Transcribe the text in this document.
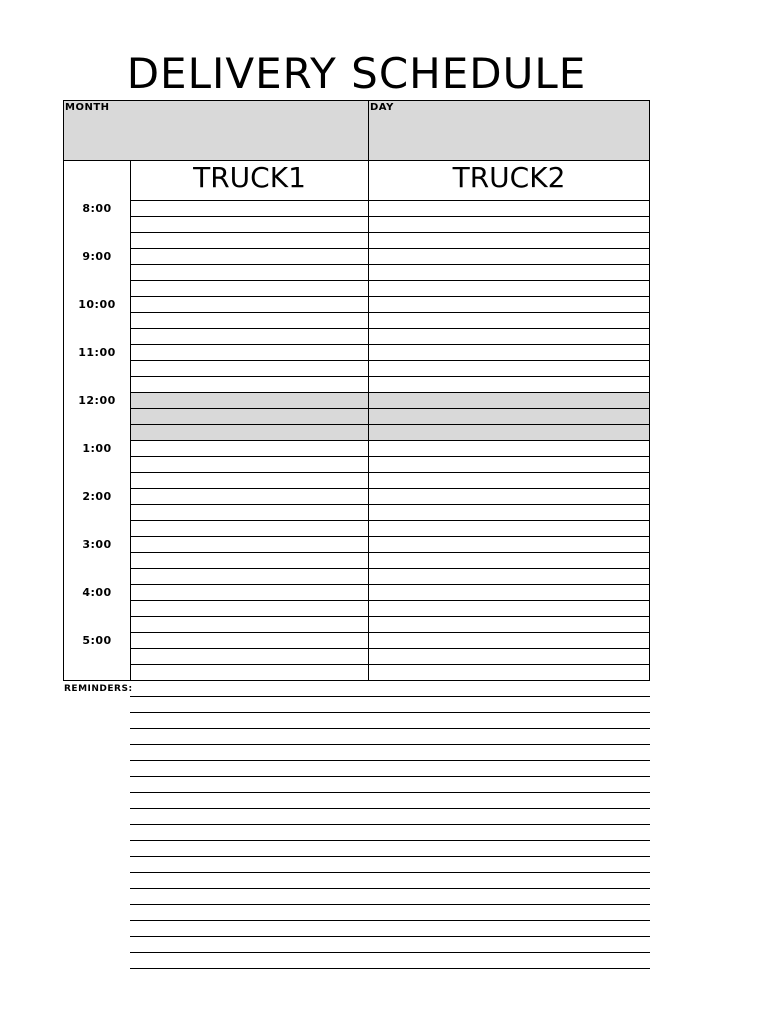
DELIVERY SCHEDULE
MONTH	DAY
8:00
9:00
10:00
11:00
12:00
1:00
2:00
3:00
4:00
5:00
TRUCK1	TRUCK2
REMINDERS:
